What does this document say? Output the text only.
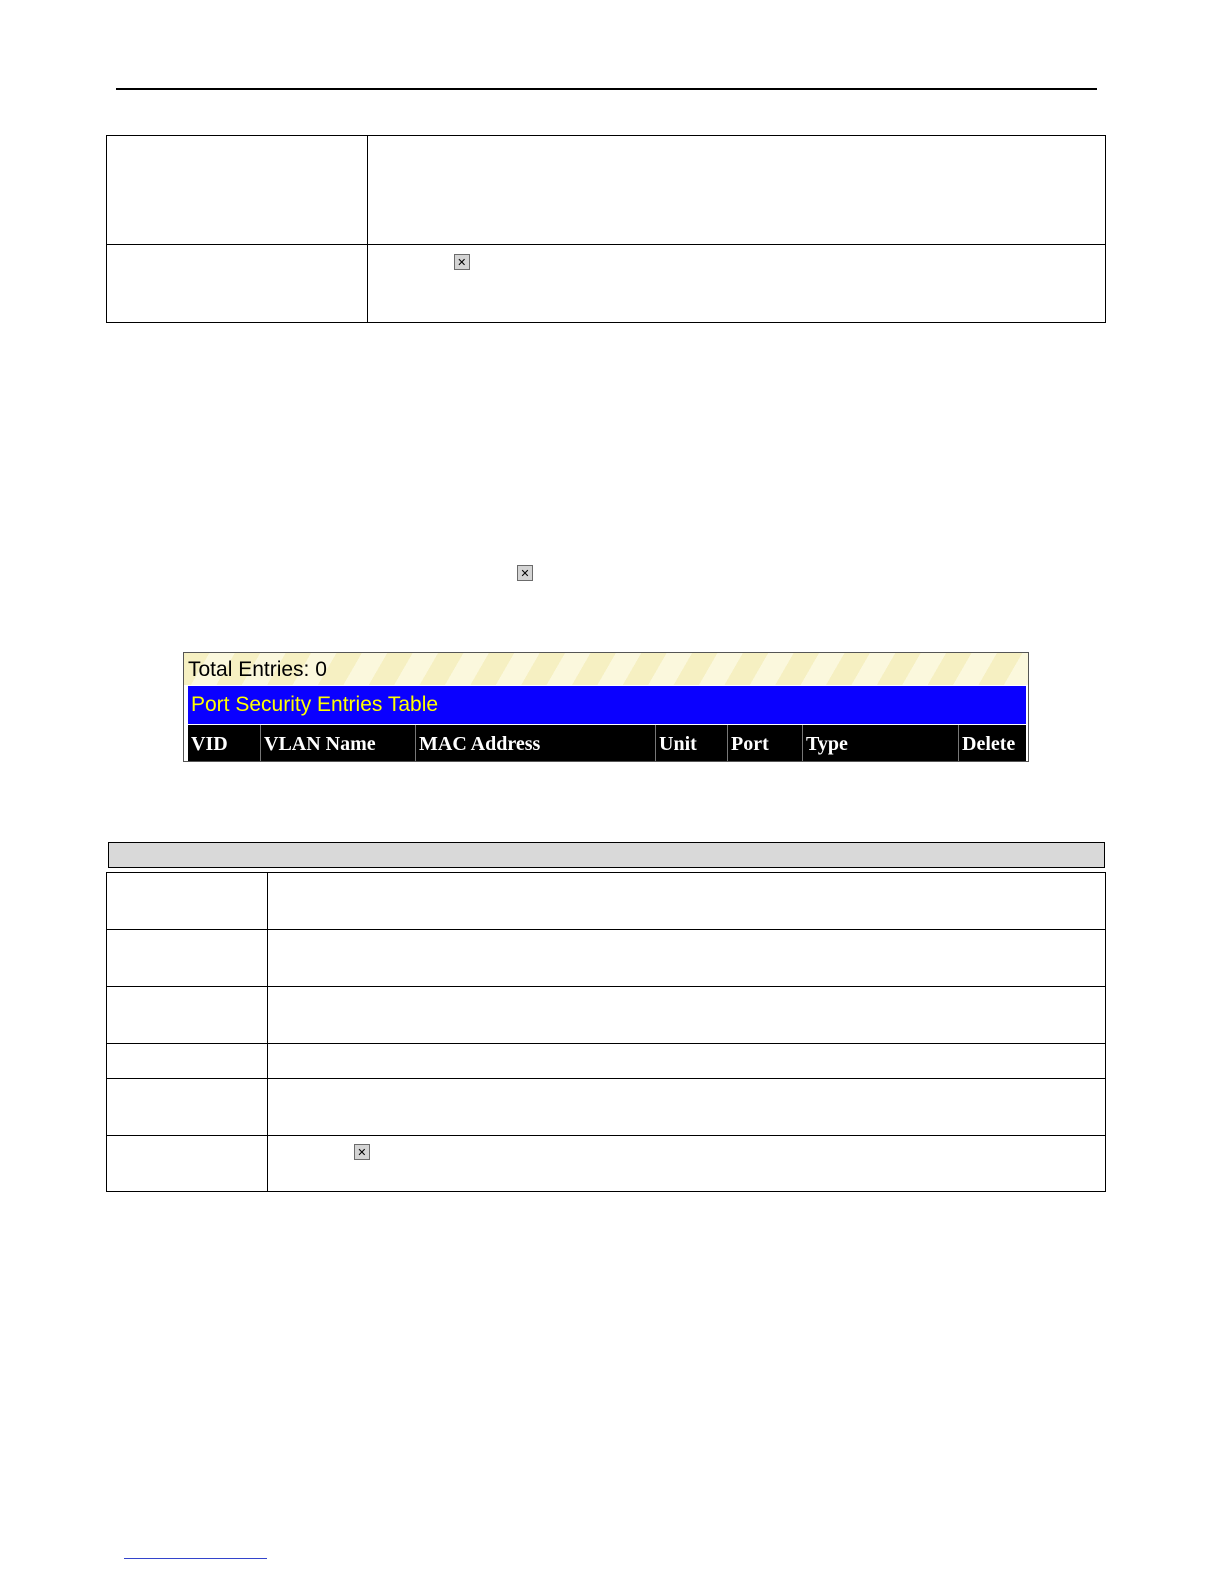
✕
✕
Total Entries: 0
Port Security Entries Table
VID	VLAN Name	MAC Address	Unit	Port	Type	Delete

✕
